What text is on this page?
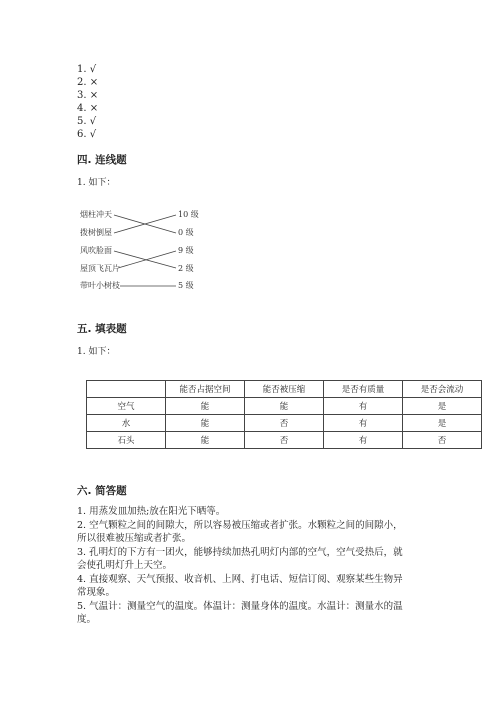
1. √
2. ×
3. ×
4. ×
5. √
6. √
四. 连线题
1. 如下：
烟柱冲天
拨树倒屋
风吹脸面
屋顶飞瓦片
带叶小树枝
10 级
0 级
9 级
2 级
5 级
五. 填表题
1. 如下：
	能否占据空间	能否被压缩	是否有质量	是否会流动
空气	能	能	有	是
水	能	否	有	是
石头	能	否	有	否
六. 简答题
1. 用蒸发皿加热;放在阳光下晒等。
2. 空气颗粒之间的间隙大，所以容易被压缩或者扩张。水颗粒之间的间隙小，
所以很难被压缩或者扩张。
3. 孔明灯的下方有一团火，能够持续加热孔明灯内部的空气，空气受热后，就
会使孔明灯升上天空。
4. 直接观察、天气预报、收音机、上网、打电话、短信订阅、观察某些生物异
常现象。
5. 气温计：测量空气的温度。体温计：测量身体的温度。水温计：测量水的温
度。
